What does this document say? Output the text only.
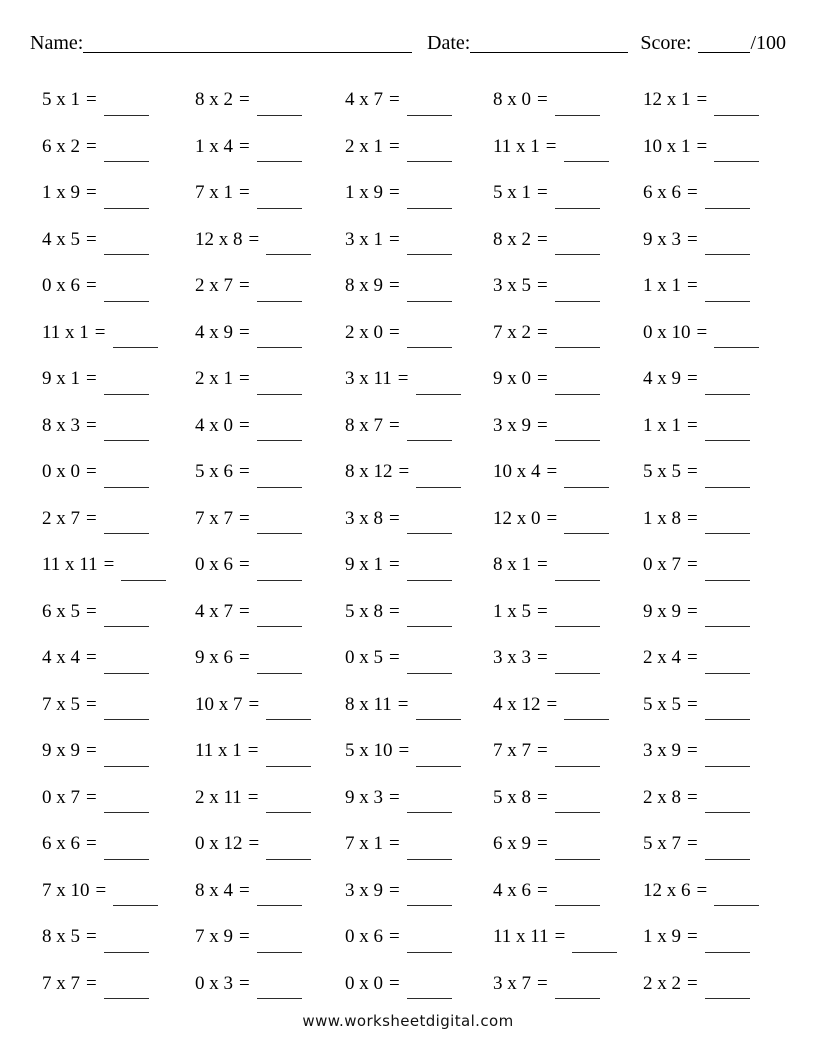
Name:	Date:	Score:	/100
5 x 1 =	8 x 2 =	4 x 7 =	8 x 0 =	12 x 1 =
6 x 2 =	1 x 4 =	2 x 1 =	11 x 1 =	10 x 1 =
1 x 9 =	7 x 1 =	1 x 9 =	5 x 1 =	6 x 6 =
4 x 5 =	12 x 8 =	3 x 1 =	8 x 2 =	9 x 3 =
0 x 6 =	2 x 7 =	8 x 9 =	3 x 5 =	1 x 1 =
11 x 1 =	4 x 9 =	2 x 0 =	7 x 2 =	0 x 10 =
9 x 1 =	2 x 1 =	3 x 11 =	9 x 0 =	4 x 9 =
8 x 3 =	4 x 0 =	8 x 7 =	3 x 9 =	1 x 1 =
0 x 0 =	5 x 6 =	8 x 12 =	10 x 4 =	5 x 5 =
2 x 7 =	7 x 7 =	3 x 8 =	12 x 0 =	1 x 8 =
11 x 11 =	0 x 6 =	9 x 1 =	8 x 1 =	0 x 7 =
6 x 5 =	4 x 7 =	5 x 8 =	1 x 5 =	9 x 9 =
4 x 4 =	9 x 6 =	0 x 5 =	3 x 3 =	2 x 4 =
7 x 5 =	10 x 7 =	8 x 11 =	4 x 12 =	5 x 5 =
9 x 9 =	11 x 1 =	5 x 10 =	7 x 7 =	3 x 9 =
0 x 7 =	2 x 11 =	9 x 3 =	5 x 8 =	2 x 8 =
6 x 6 =	0 x 12 =	7 x 1 =	6 x 9 =	5 x 7 =
7 x 10 =	8 x 4 =	3 x 9 =	4 x 6 =	12 x 6 =
8 x 5 =	7 x 9 =	0 x 6 =	11 x 11 =	1 x 9 =
7 x 7 =	0 x 3 =	0 x 0 =	3 x 7 =	2 x 2 =
www.worksheetdigital.com
